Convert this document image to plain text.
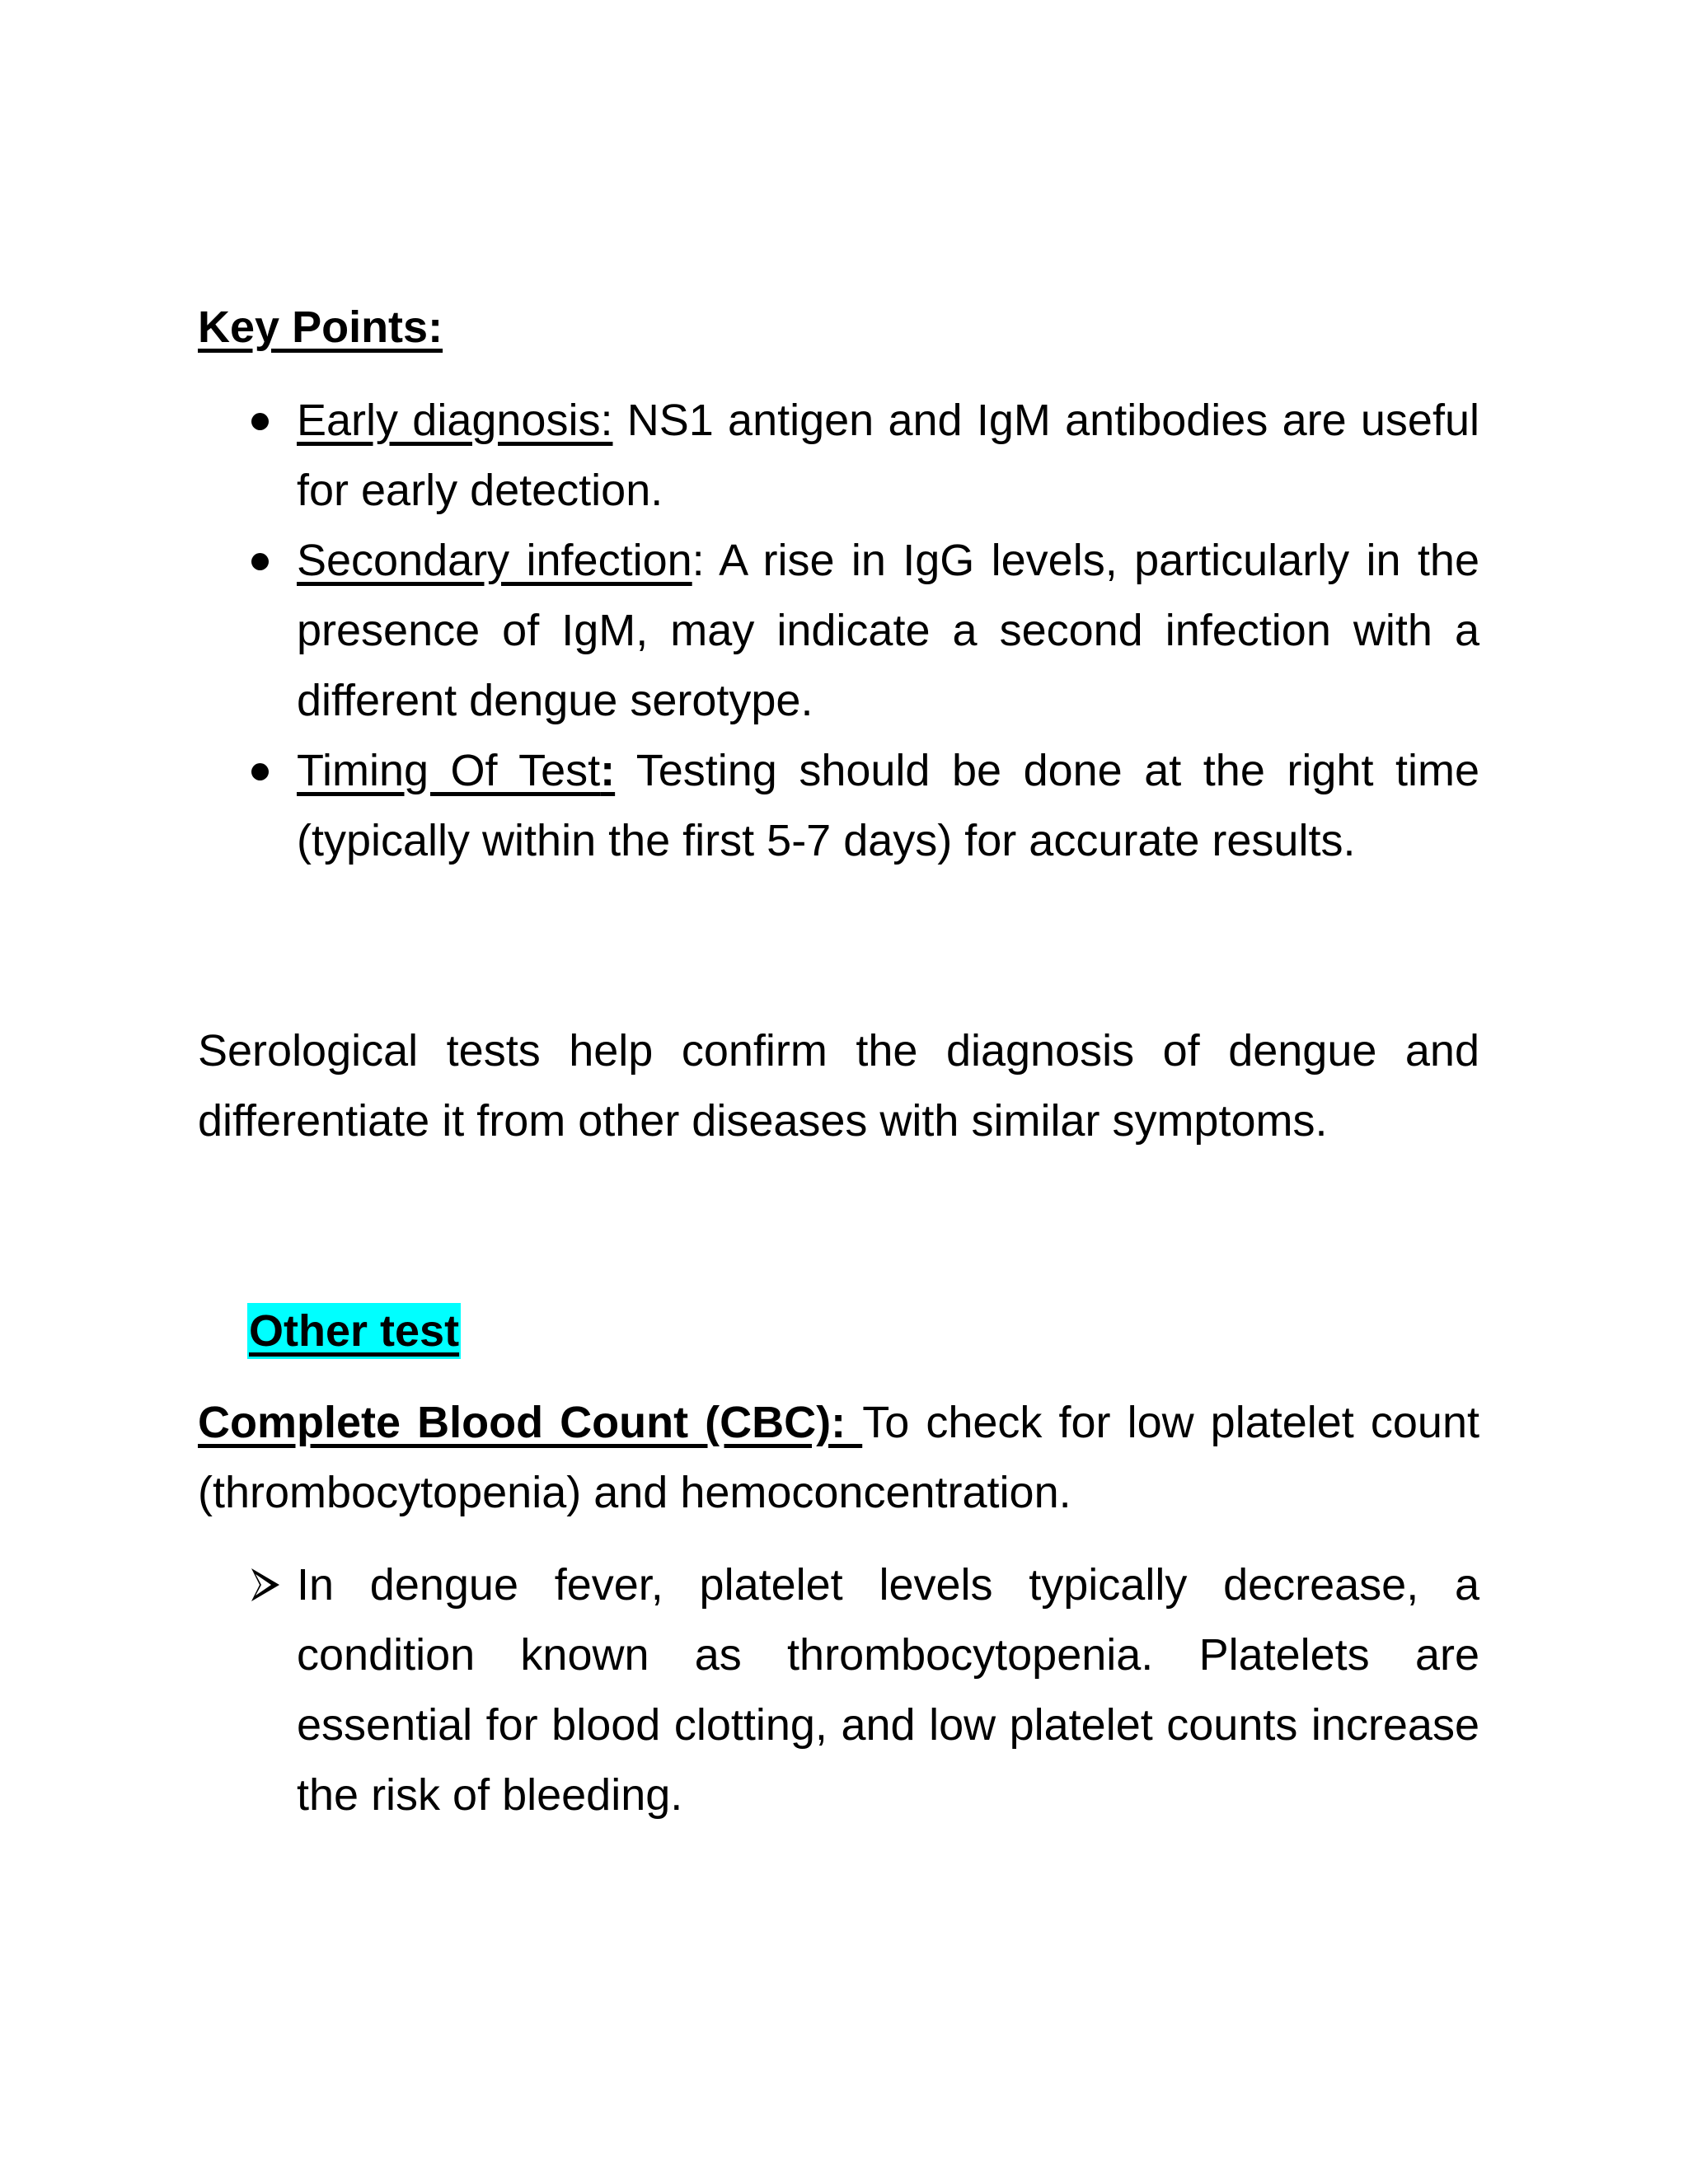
Key Points:
Early diagnosis: NS1 antigen and IgM antibodies are useful for early detection.
Secondary infection: A rise in IgG levels, particularly in the presence of IgM, may indicate a second infection with a different dengue serotype.
Timing Of Test: Testing should be done at the right time (typically within the first 5-7 days) for accurate results.

Serological tests help confirm the diagnosis of dengue and differentiate it from other diseases with similar symptoms.

Other test

Complete Blood Count (CBC): To check for low platelet count (thrombocytopenia) and hemoconcentration.

In dengue fever, platelet levels typically decrease, a condition known as thrombocytopenia. Platelets are essential for blood clotting, and low platelet counts increase the risk of bleeding.
